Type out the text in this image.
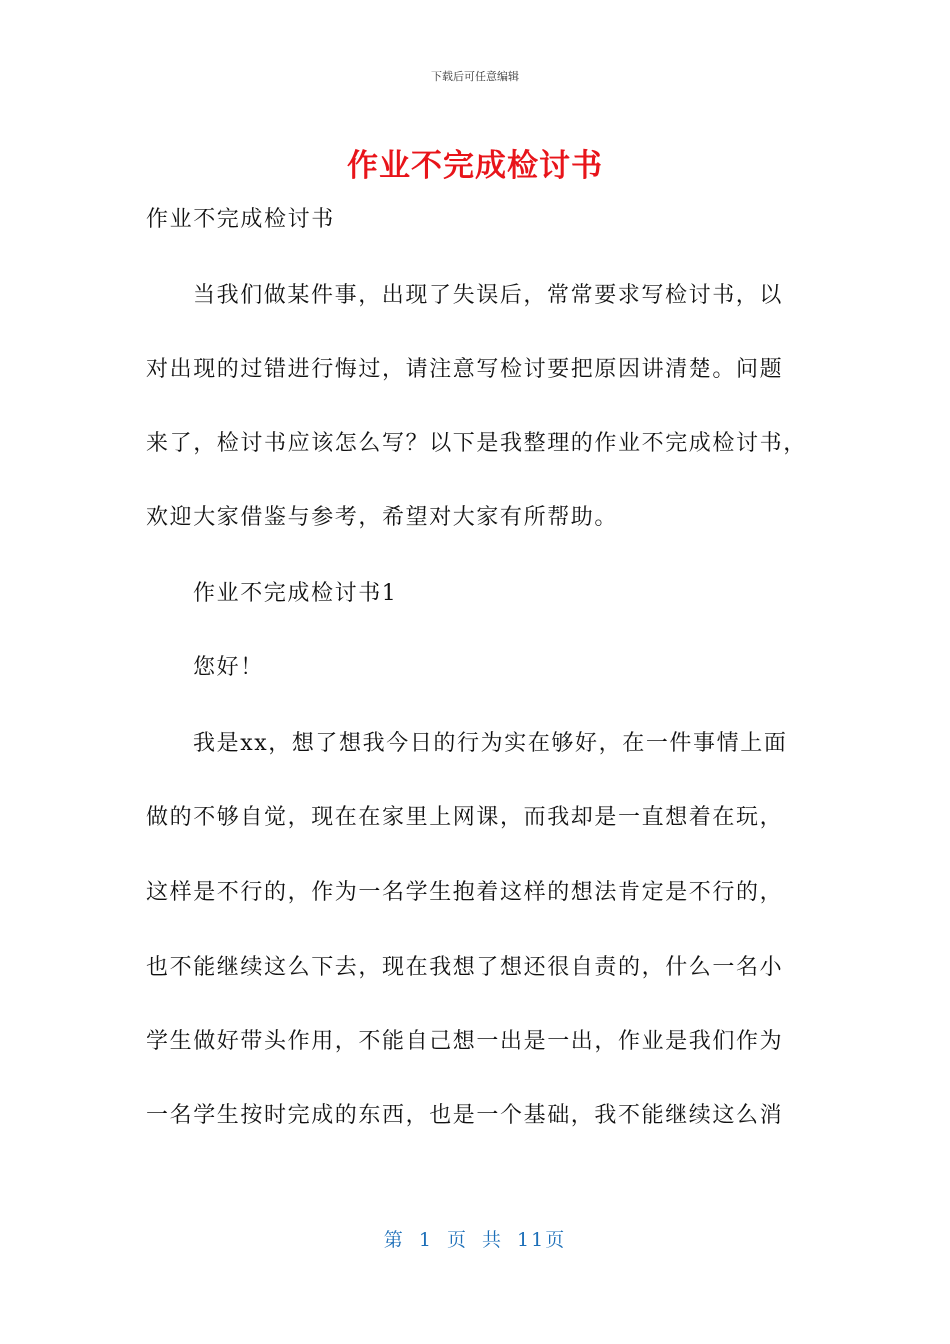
下载后可任意编辑
作业不完成检讨书
作业不完成检讨书
当我们做某件事，出现了失误后，常常要求写检讨书，以
对出现的过错进行悔过，请注意写检讨要把原因讲清楚。问题
来了，检讨书应该怎么写？以下是我整理的作业不完成检讨书，
欢迎大家借鉴与参考，希望对大家有所帮助。
作业不完成检讨书1
您好！
我是xx，想了想我今日的行为实在够好，在一件事情上面
做的不够自觉，现在在家里上网课，而我却是一直想着在玩，
这样是不行的，作为一名学生抱着这样的想法肯定是不行的，
也不能继续这么下去，现在我想了想还很自责的，什么一名小
学生做好带头作用，不能自己想一出是一出，作业是我们作为
一名学生按时完成的东西，也是一个基础，我不能继续这么消
第 1 页 共 11页
